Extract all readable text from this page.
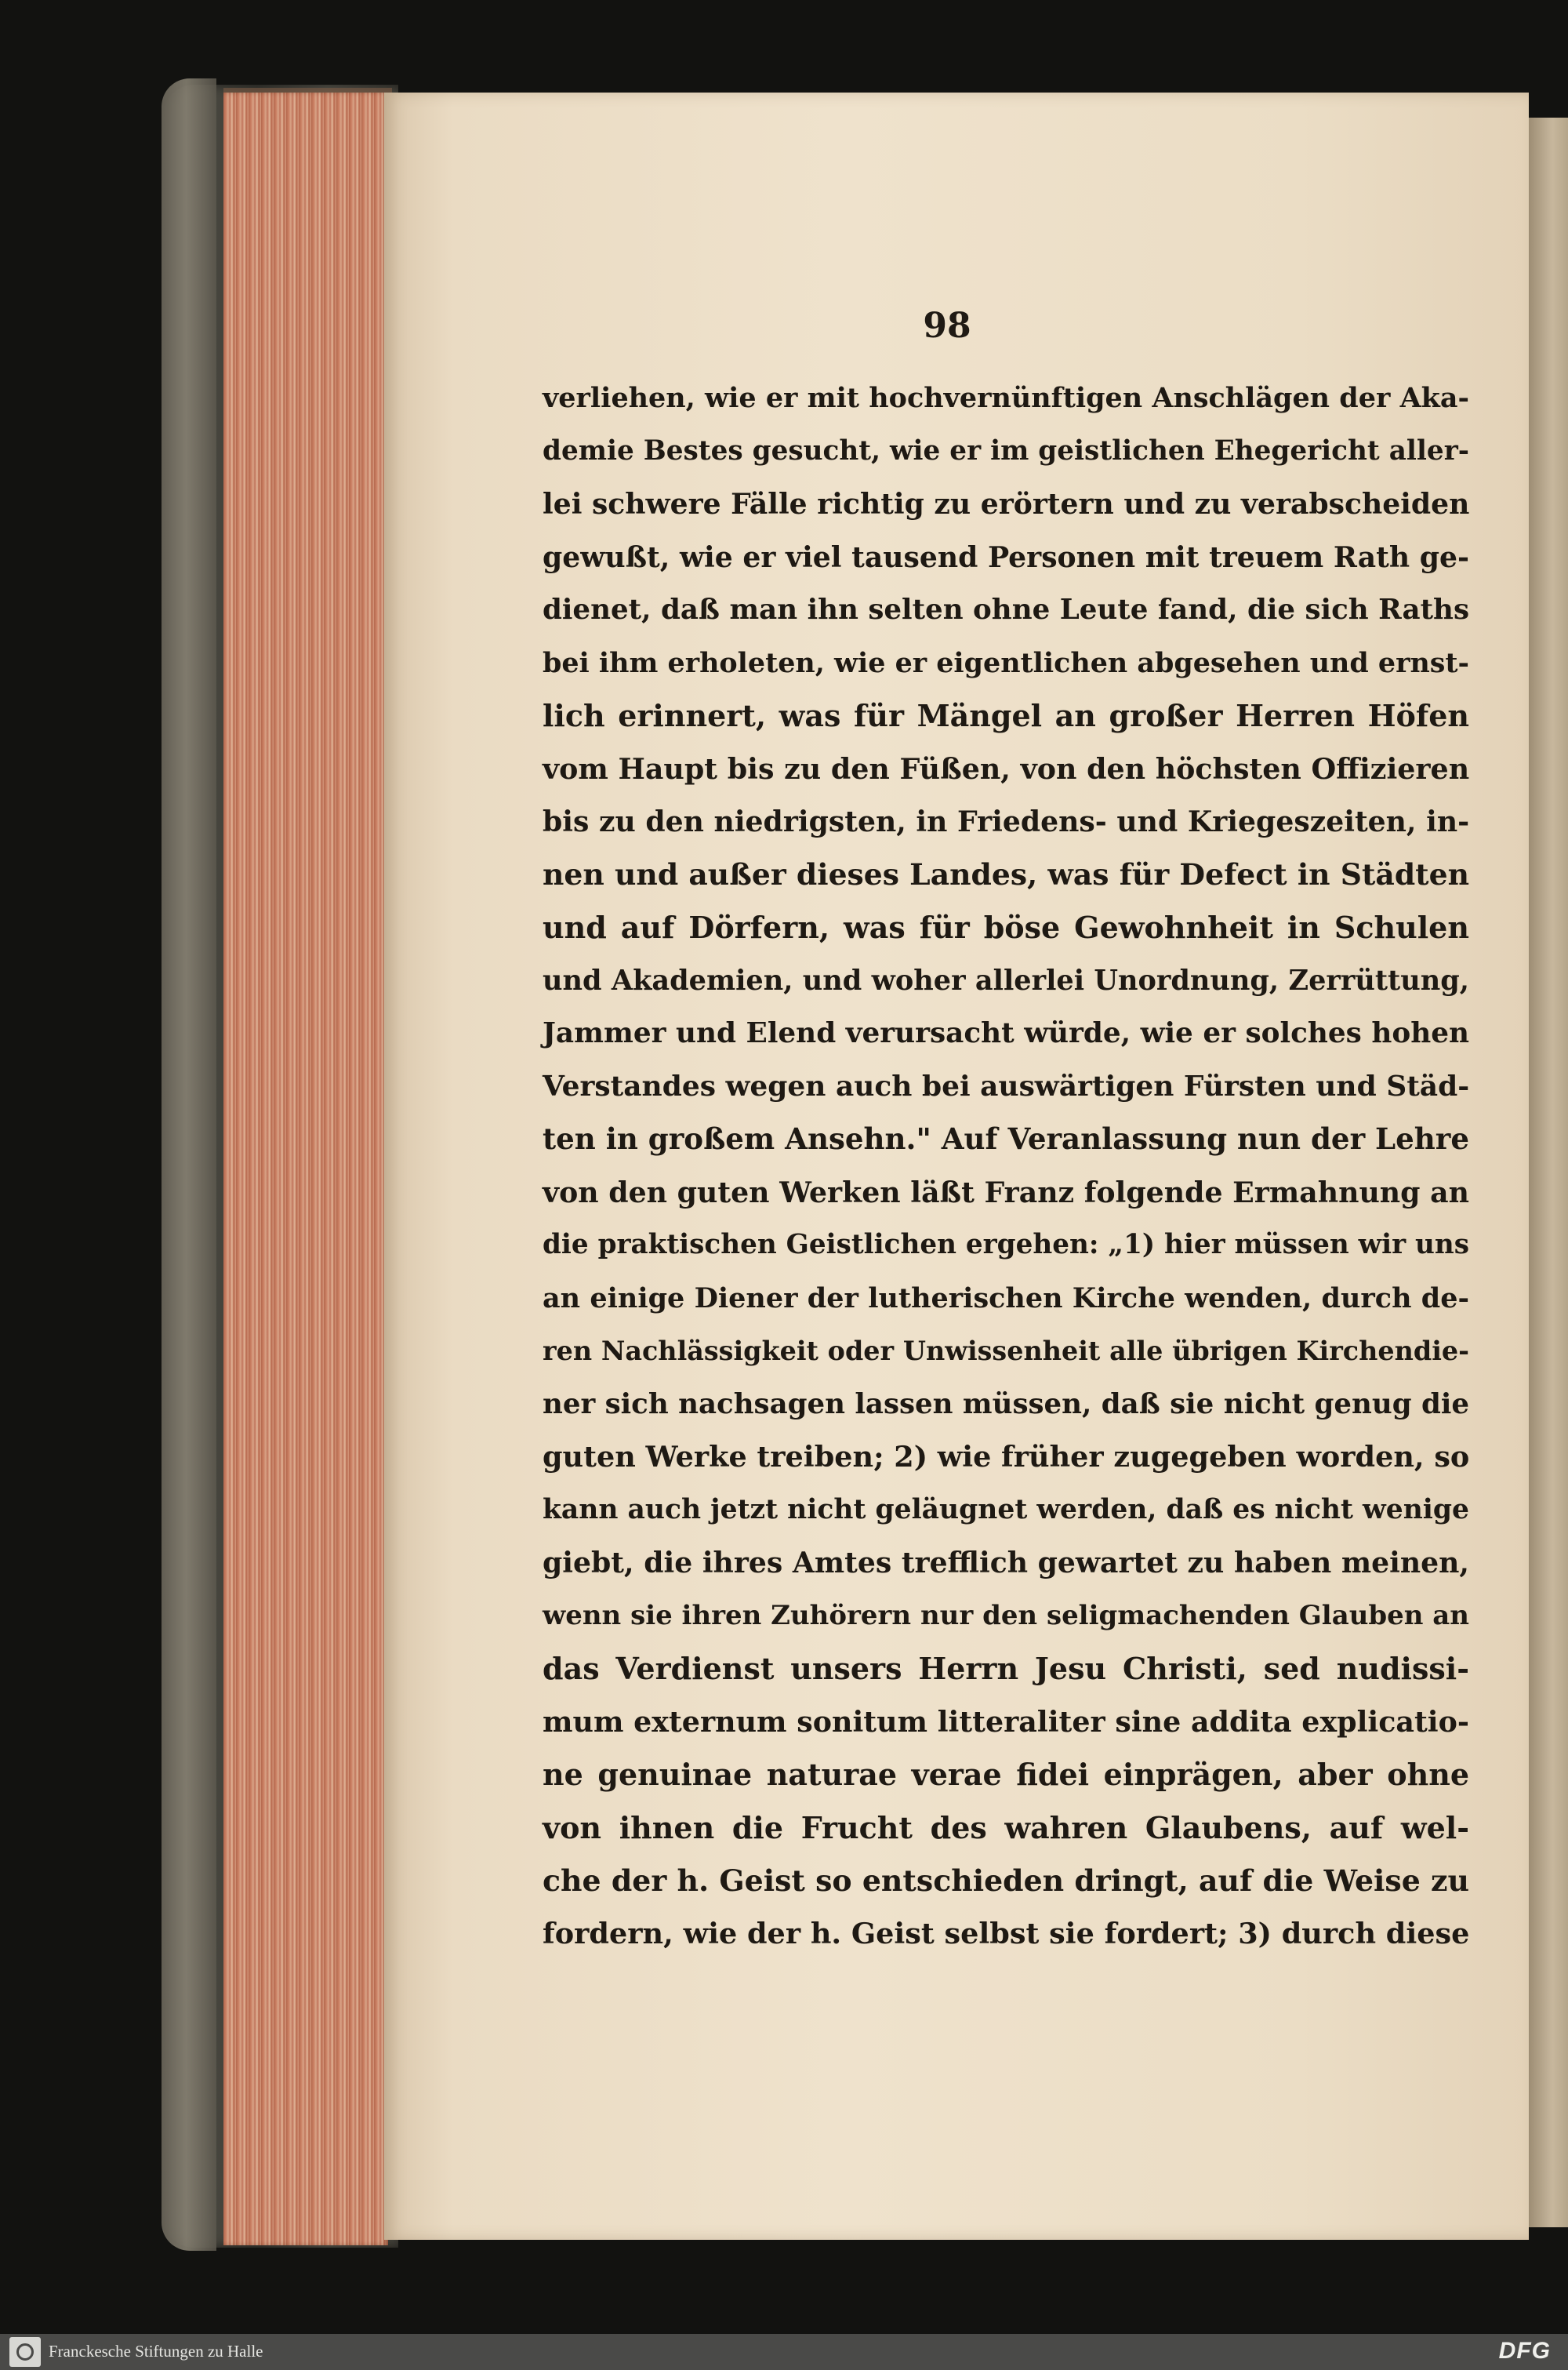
98
verliehen, wie er mit hochvernünftigen Anschlägen der Aka-
demie Bestes gesucht, wie er im geistlichen Ehegericht aller-
lei schwere Fälle richtig zu erörtern und zu verabscheiden
gewußt, wie er viel tausend Personen mit treuem Rath ge-
dienet, daß man ihn selten ohne Leute fand, die sich Raths
bei ihm erholeten, wie er eigentlichen abgesehen und ernst-
lich erinnert, was für Mängel an großer Herren Höfen
vom Haupt bis zu den Füßen, von den höchsten Offizieren
bis zu den niedrigsten, in Friedens- und Kriegeszeiten, in-
nen und außer dieses Landes, was für Defect in Städten
und auf Dörfern, was für böse Gewohnheit in Schulen
und Akademien, und woher allerlei Unordnung, Zerrüttung,
Jammer und Elend verursacht würde, wie er solches hohen
Verstandes wegen auch bei auswärtigen Fürsten und Städ-
ten in großem Ansehn." Auf Veranlassung nun der Lehre
von den guten Werken läßt Franz folgende Ermahnung an
die praktischen Geistlichen ergehen: „1) hier müssen wir uns
an einige Diener der lutherischen Kirche wenden, durch de-
ren Nachlässigkeit oder Unwissenheit alle übrigen Kirchendie-
ner sich nachsagen lassen müssen, daß sie nicht genug die
guten Werke treiben; 2) wie früher zugegeben worden, so
kann auch jetzt nicht geläugnet werden, daß es nicht wenige
giebt, die ihres Amtes trefflich gewartet zu haben meinen,
wenn sie ihren Zuhörern nur den seligmachenden Glauben an
das Verdienst unsers Herrn Jesu Christi, sed nudissi-
mum externum sonitum litteraliter sine addita explicatio-
ne genuinae naturae verae fidei einprägen, aber ohne
von ihnen die Frucht des wahren Glaubens, auf wel-
che der h. Geist so entschieden dringt, auf die Weise zu
fordern, wie der h. Geist selbst sie fordert; 3) durch diese
Franckesche Stiftungen zu Halle	DFG
